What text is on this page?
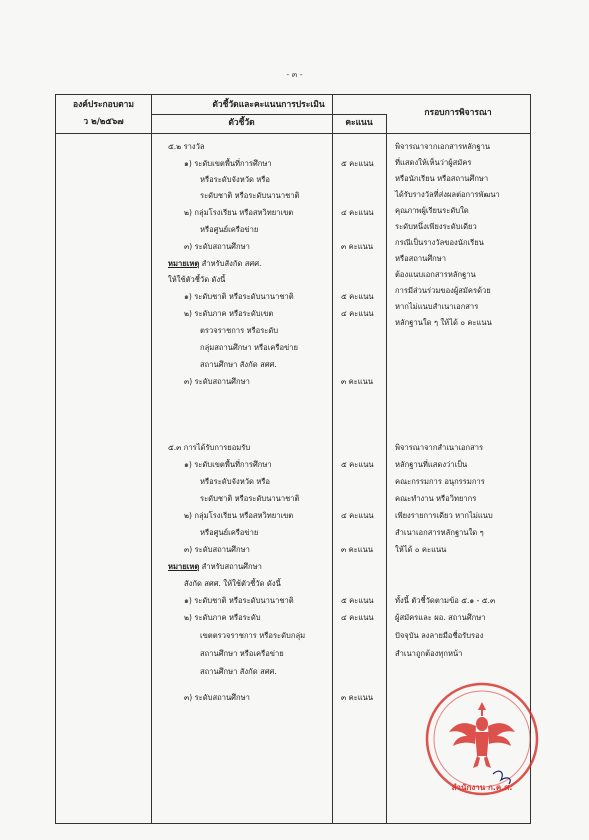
- ๓ -
องค์ประกอบตาม
ว ๒/๒๕๖๗
ตัวชี้วัดและคะแนนการประเมิน
ตัวชี้วัด	คะแนน
กรอบการพิจารณา
๕.๒ รางวัล
๑) ระดับเขตพื้นที่การศึกษา	๕ คะแนน
หรือระดับจังหวัด หรือ
ระดับชาติ หรือระดับนานาชาติ
๒) กลุ่มโรงเรียน หรือสหวิทยาเขต	๔ คะแนน
หรือศูนย์เครือข่าย
๓) ระดับสถานศึกษา	๓ คะแนน
หมายเหตุ สำหรับสังกัด สศศ.
ให้ใช้ตัวชี้วัด ดังนี้
๑) ระดับชาติ หรือระดับนานาชาติ	๕ คะแนน
๒) ระดับภาค หรือระดับเขต	๔ คะแนน
ตรวจราชการ หรือระดับ
กลุ่มสถานศึกษา หรือเครือข่าย
สถานศึกษา สังกัด สศศ.
๓) ระดับสถานศึกษา	๓ คะแนน
พิจารณาจากเอกสารหลักฐาน
ที่แสดงให้เห็นว่าผู้สมัคร
หรือนักเรียน หรือสถานศึกษา
ได้รับรางวัลที่ส่งผลต่อการพัฒนา
คุณภาพผู้เรียนระดับใด
ระดับหนึ่งเพียงระดับเดียว
กรณีเป็นรางวัลของนักเรียน
หรือสถานศึกษา
ต้องแนบเอกสารหลักฐาน
การมีส่วนร่วมของผู้สมัครด้วย
หากไม่แนบสำเนาเอกสาร
หลักฐานใด ๆ ให้ได้ ๐ คะแนน
๕.๓ การได้รับการยอมรับ
๑) ระดับเขตพื้นที่การศึกษา	๕ คะแนน
หรือระดับจังหวัด หรือ
ระดับชาติ หรือระดับนานาชาติ
๒) กลุ่มโรงเรียน หรือสหวิทยาเขต	๔ คะแนน
หรือศูนย์เครือข่าย
๓) ระดับสถานศึกษา	๓ คะแนน
หมายเหตุ สำหรับสถานศึกษา
สังกัด สศศ. ให้ใช้ตัวชี้วัด ดังนี้
๑) ระดับชาติ หรือระดับนานาชาติ	๕ คะแนน
๒) ระดับภาค หรือระดับ	๔ คะแนน
เขตตรวจราชการ หรือระดับกลุ่ม
สถานศึกษา หรือเครือข่าย
สถานศึกษา สังกัด สศศ.
๓) ระดับสถานศึกษา	๓ คะแนน
พิจารณาจากสำเนาเอกสาร
หลักฐานที่แสดงว่าเป็น
คณะกรรมการ อนุกรรมการ
คณะทำงาน หรือวิทยากร
เพียงรายการเดียว หากไม่แนบ
สำเนาเอกสารหลักฐานใด ๆ
ให้ได้ ๐ คะแนน
ทั้งนี้ ตัวชี้วัดตามข้อ ๕.๑ - ๕.๓
ผู้สมัครและ ผอ. สถานศึกษา
ปัจจุบัน ลงลายมือชื่อรับรอง
สำเนาถูกต้องทุกหน้า
สำนักงาน ก.ค.ศ.
